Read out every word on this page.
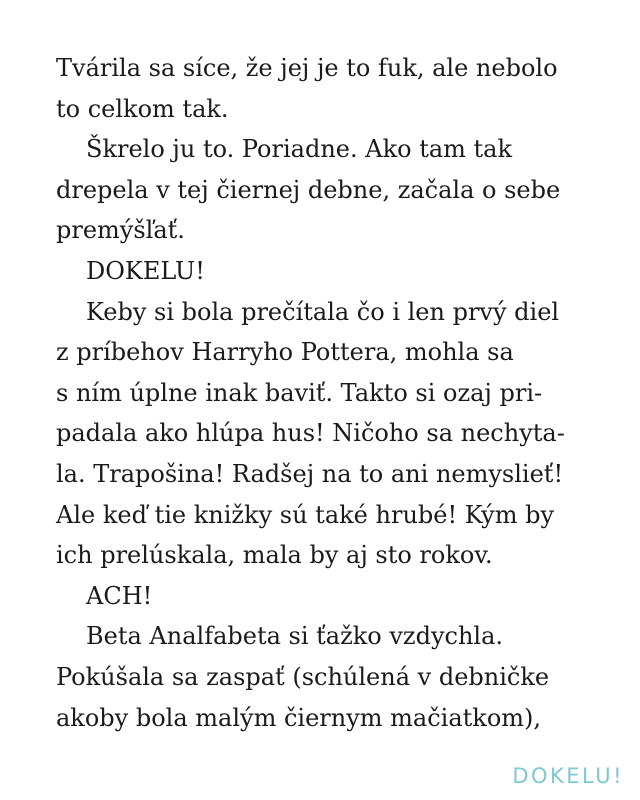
Tvárila sa síce, že jej je to fuk, ale nebolo
to celkom tak.
Škrelo ju to. Poriadne. Ako tam tak
drepela v tej čiernej debne, začala o sebe
premýšľať.
DOKELU!
Keby si bola prečítala čo i len prvý diel
z príbehov Harryho Pottera, mohla sa
s ním úplne inak baviť. Takto si ozaj pri-
padala ako hlúpa hus! Ničoho sa nechyta-
la. Trapošina! Radšej na to ani nemyslieť!
Ale keď tie knižky sú také hrubé! Kým by
ich prelúskala, mala by aj sto rokov.
ACH!
Beta Analfabeta si ťažko vzdychla.
Pokúšala sa zaspať (schúlená v debničke
akoby bola malým čiernym mačiatkom),
DOKELU!
